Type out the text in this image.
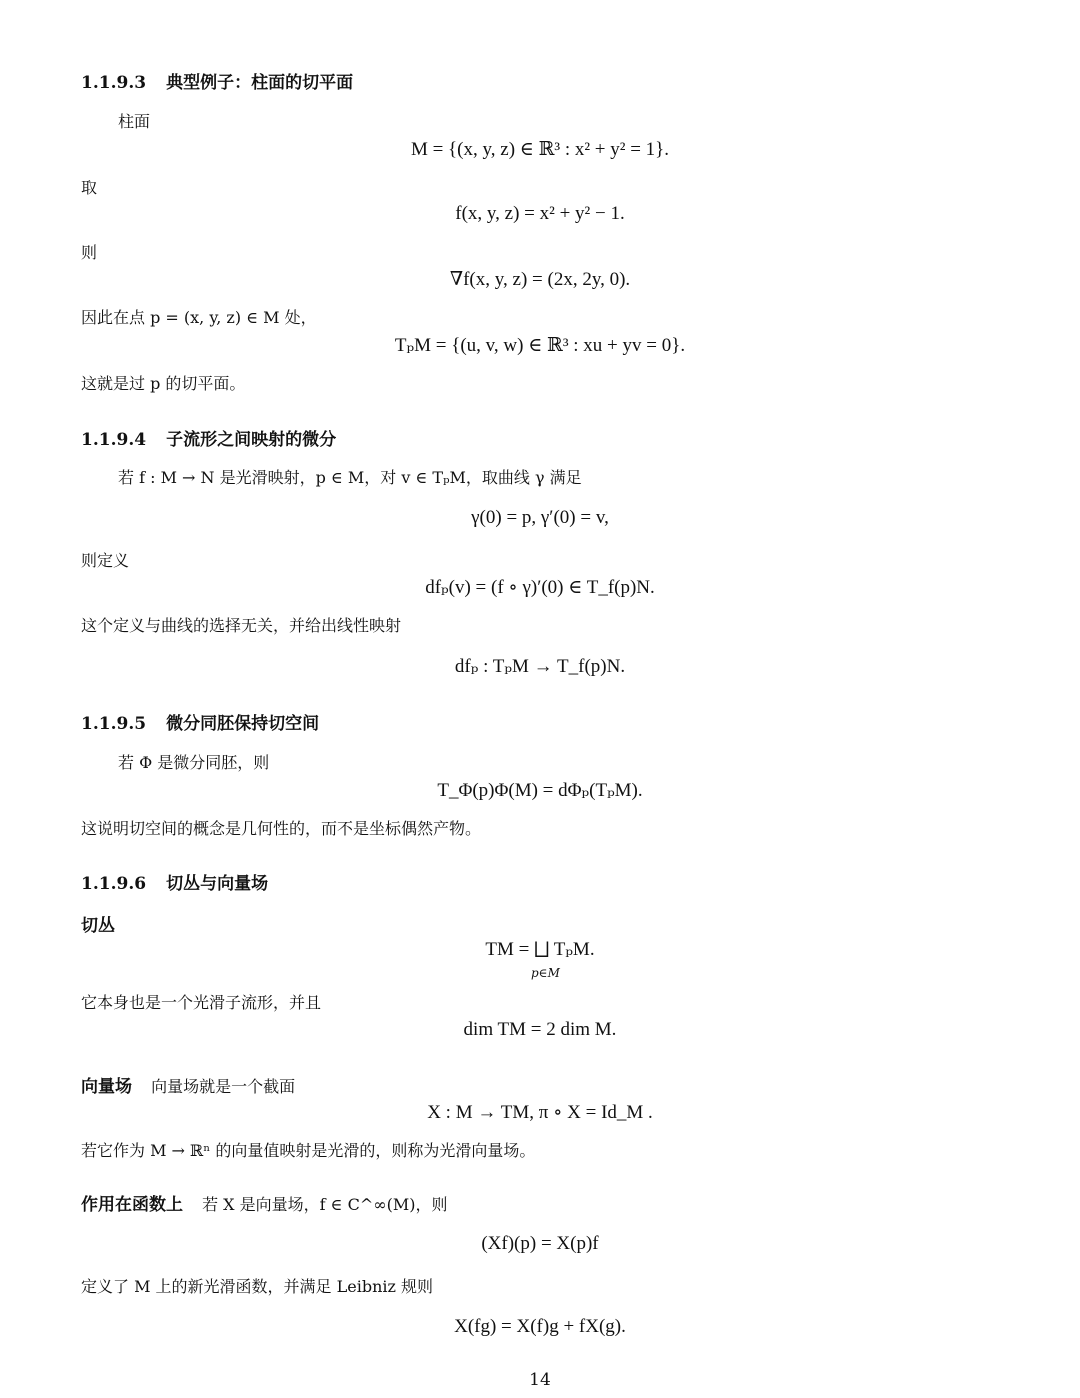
1.1.9.3 典型例子：柱面的切平面
柱面
M = {(x, y, z) ∈ ℝ³ : x² + y² = 1}.
取
f(x, y, z) = x² + y² − 1.
则
∇f(x, y, z) = (2x, 2y, 0).
因此在点 p = (x, y, z) ∈ M 处，
TₚM = {(u, v, w) ∈ ℝ³ : xu + yv = 0}.
这就是过 p 的切平面。
1.1.9.4 子流形之间映射的微分
若 f : M → N 是光滑映射，p ∈ M，对 v ∈ TₚM，取曲线 γ 满足
γ(0) = p, γ′(0) = v,
则定义
dfₚ(v) = (f ∘ γ)′(0) ∈ T_f(p)N.
这个定义与曲线的选择无关，并给出线性映射
dfₚ : TₚM → T_f(p)N.
1.1.9.5 微分同胚保持切空间
若 Φ 是微分同胚，则
T_Φ(p)Φ(M) = dΦₚ(TₚM).
这说明切空间的概念是几何性的，而不是坐标偶然产物。
1.1.9.6 切丛与向量场
切丛
TM = ⨆ TₚM.
p∈M
它本身也是一个光滑子流形，并且
dim TM = 2 dim M.
向量场 向量场就是一个截面
X : M → TM, π ∘ X = Id_M .
若它作为 M → ℝⁿ 的向量值映射是光滑的，则称为光滑向量场。
作用在函数上 若 X 是向量场，f ∈ C^∞(M)，则
(Xf)(p) = X(p)f
定义了 M 上的新光滑函数，并满足 Leibniz 规则
X(fg) = X(f)g + fX(g).
14
